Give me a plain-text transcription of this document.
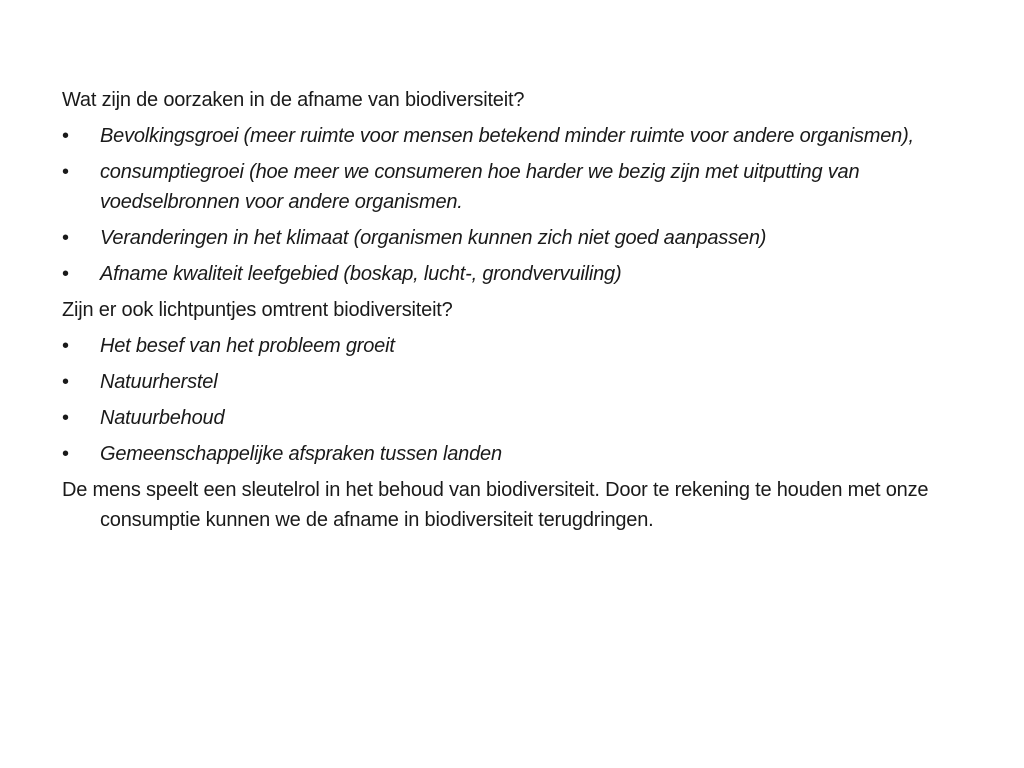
Wat zijn de oorzaken in de afname van biodiversiteit?

•	Bevolkingsgroei (meer ruimte voor mensen betekend minder ruimte voor andere organismen),
•	consumptiegroei (hoe meer we consumeren hoe harder we bezig zijn met uitputting van voedselbronnen voor andere organismen.
•	Veranderingen in het klimaat (organismen kunnen zich niet goed aanpassen)
•	Afname kwaliteit leefgebied (boskap, lucht-, grondvervuiling)

Zijn er ook lichtpuntjes omtrent biodiversiteit?

•	Het besef van het probleem groeit
•	Natuurherstel
•	Natuurbehoud
•	Gemeenschappelijke afspraken tussen landen

De mens speelt een sleutelrol in het behoud van biodiversiteit. Door te rekening te houden met onze consumptie kunnen we de afname in biodiversiteit terugdringen.
